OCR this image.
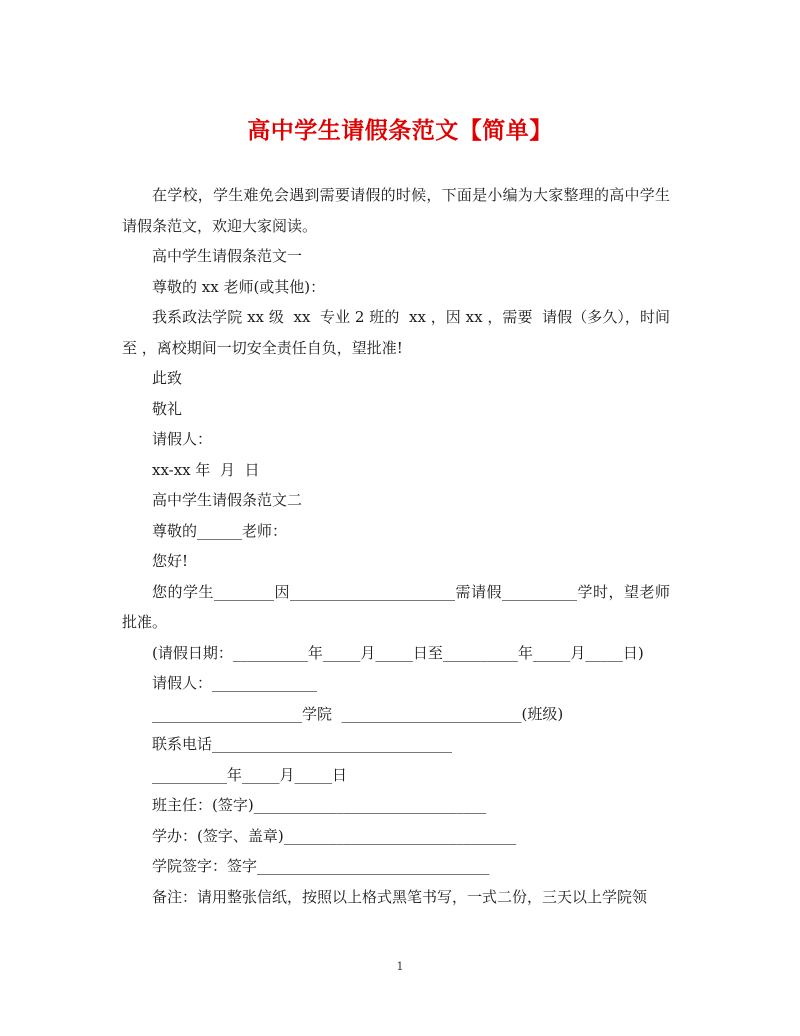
高中学生请假条范文【简单】

在学校，学生难免会遇到需要请假的时候，下面是小编为大家整理的高中学生请假条范文，欢迎大家阅读。

高中学生请假条范文一

尊敬的 xx 老师(或其他)：

我系政法学院 xx 级  xx  专业 2 班的  xx ，因 xx ，需要  请假（多久），时间  至 ，离校期间一切安全责任自负，望批准!

此致

敬礼

请假人：

xx-xx 年  月  日

高中学生请假条范文二

尊敬的______老师：

您好!

您的学生________因______________________需请假__________学时，望老师批准。

(请假日期：__________年_____月_____日至__________年_____月_____日)

请假人：______________

____________________学院  ________________________(班级)

联系电话________________________________

__________年_____月_____日

班主任：(签字)_______________________________

学办：(签字、盖章)_______________________________

学院签字：签字_______________________________

备注：请用整张信纸，按照以上格式黑笔书写，一式二份，三天以上学院领

1
